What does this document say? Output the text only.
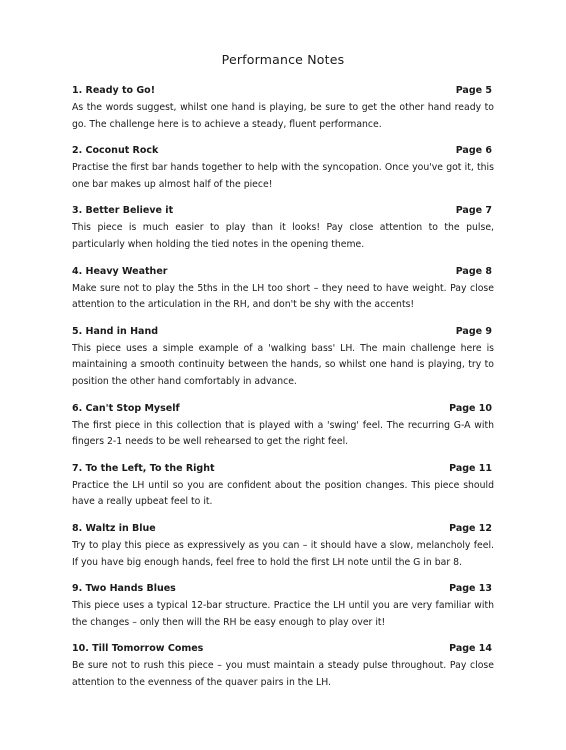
Performance Notes
1. Ready to Go!	Page 5

As the words suggest, whilst one hand is playing, be sure to get the other hand ready to go. The challenge here is to achieve a steady, fluent performance.

2. Coconut Rock	Page 6

Practise the first bar hands together to help with the syncopation. Once you've got it, this one bar makes up almost half of the piece!

3. Better Believe it	Page 7

This piece is much easier to play than it looks! Pay close attention to the pulse, particularly when holding the tied notes in the opening theme.

4. Heavy Weather	Page 8

Make sure not to play the 5ths in the LH too short – they need to have weight. Pay close attention to the articulation in the RH, and don't be shy with the accents!

5. Hand in Hand	Page 9

This piece uses a simple example of a 'walking bass' LH. The main challenge here is maintaining a smooth continuity between the hands, so whilst one hand is playing, try to position the other hand comfortably in advance.

6. Can't Stop Myself	Page 10

The first piece in this collection that is played with a 'swing' feel. The recurring G-A with fingers 2-1 needs to be well rehearsed to get the right feel.

7. To the Left, To the Right	Page 11

Practice the LH until so you are confident about the position changes. This piece should have a really upbeat feel to it.

8. Waltz in Blue	Page 12

Try to play this piece as expressively as you can – it should have a slow, melancholy feel. If you have big enough hands, feel free to hold the first LH note until the G in bar 8.

9. Two Hands Blues	Page 13

This piece uses a typical 12-bar structure. Practice the LH until you are very familiar with the changes – only then will the RH be easy enough to play over it!

10. Till Tomorrow Comes	Page 14

Be sure not to rush this piece – you must maintain a steady pulse throughout. Pay close attention to the evenness of the quaver pairs in the LH.
